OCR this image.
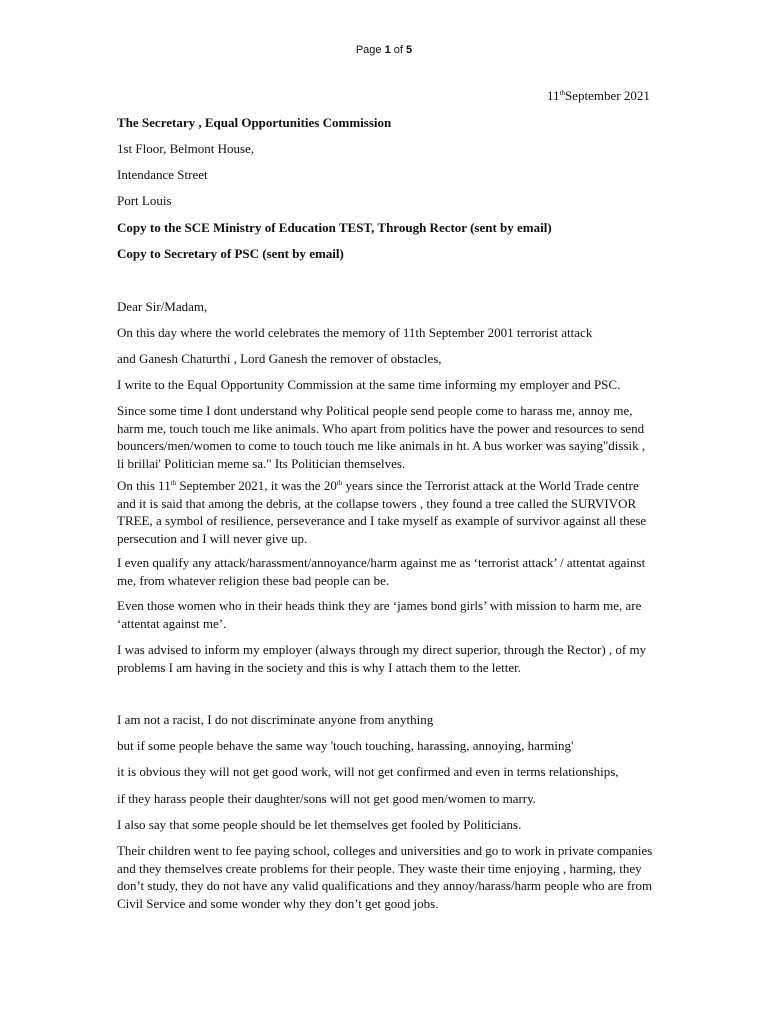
Page 1 of 5
11thSeptember 2021
The Secretary , Equal Opportunities Commission
1st Floor, Belmont House,
Intendance Street
Port Louis
Copy to the SCE Ministry of Education TEST, Through Rector (sent by email)
Copy to Secretary of PSC (sent by email)
Dear Sir/Madam,
On this day where the world celebrates the memory of 11th September 2001 terrorist attack
and Ganesh Chaturthi , Lord Ganesh the remover of obstacles,
I write to the Equal Opportunity Commission at the same time informing my employer and PSC.
Since some time I dont understand why Political people send people come to harass me, annoy me,
harm me, touch touch me like animals. Who apart from politics have the power and resources to send
bouncers/men/women to come to touch touch me like animals in ht. A bus worker was saying"dissik ,
li brillai' Politician meme sa." Its Politician themselves.
On this 11th September 2021, it was the 20th years since the Terrorist attack at the World Trade centre
and it is said that among the debris, at the collapse towers , they found a tree called the SURVIVOR
TREE, a symbol of resilience, perseverance and I take myself as example of survivor against all these
persecution and I will never give up.
I even qualify any attack/harassment/annoyance/harm against me as ‘terrorist attack’ / attentat against
me, from whatever religion these bad people can be.
Even those women who in their heads think they are ‘james bond girls’ with mission to harm me, are
‘attentat against me’.
I was advised to inform my employer (always through my direct superior, through the Rector) , of my
problems I am having in the society and this is why I attach them to the letter.
I am not a racist, I do not discriminate anyone from anything
but if some people behave the same way 'touch touching, harassing, annoying, harming'
it is obvious they will not get good work, will not get confirmed and even in terms relationships,
if they harass people their daughter/sons will not get good men/women to marry.
I also say that some people should be let themselves get fooled by Politicians.
Their children went to fee paying school, colleges and universities and go to work in private companies
and they themselves create problems for their people. They waste their time enjoying , harming, they
don’t study, they do not have any valid qualifications and they annoy/harass/harm people who are from
Civil Service and some wonder why they don’t get good jobs.
